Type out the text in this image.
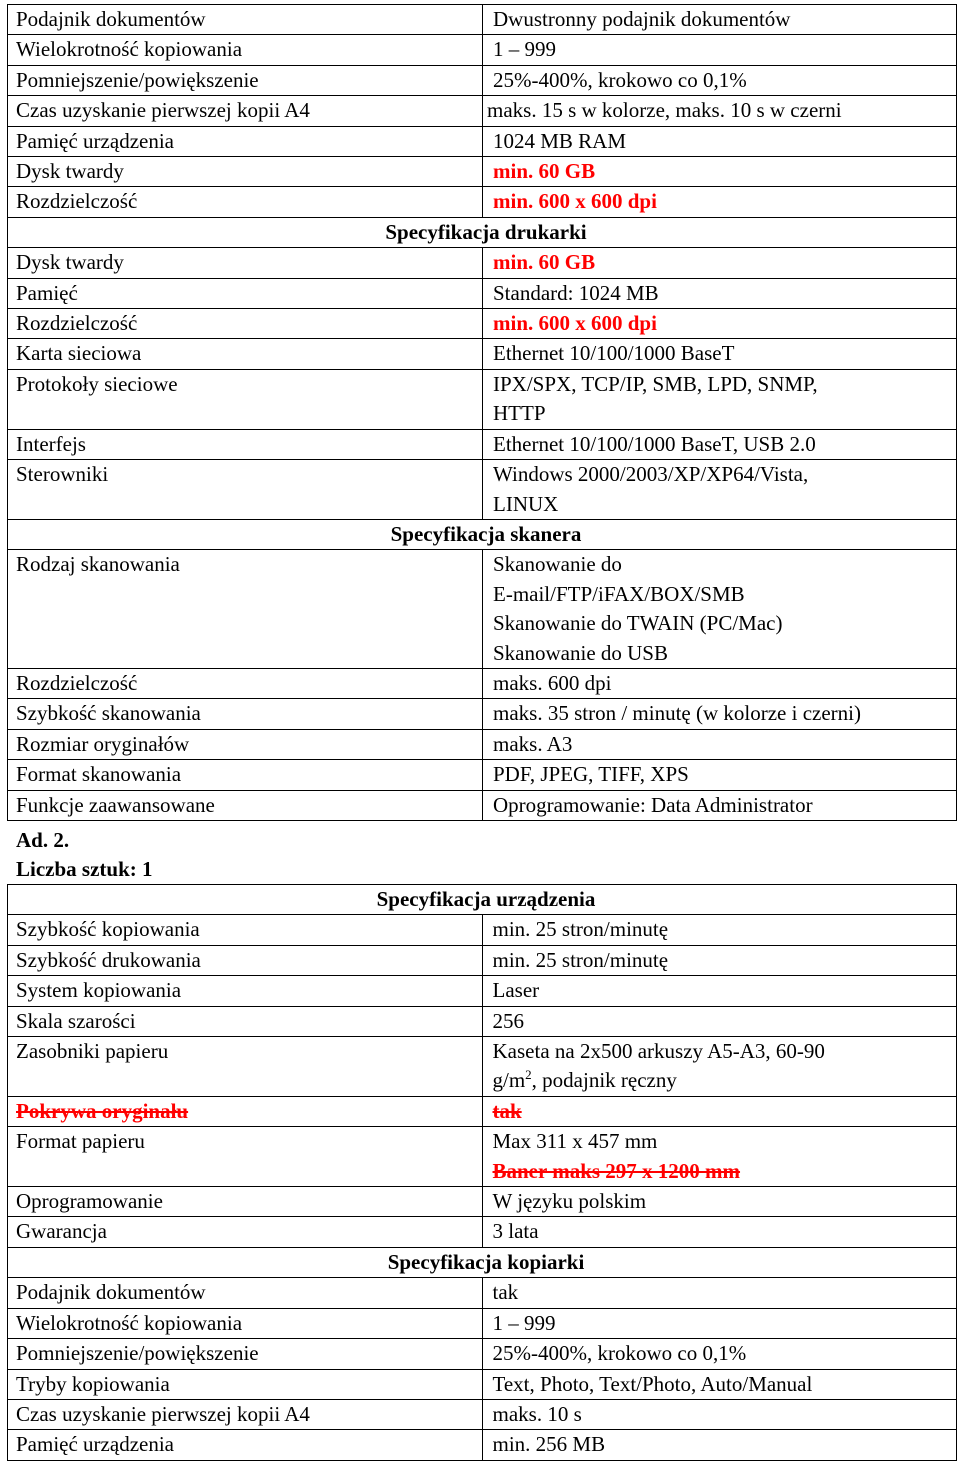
Podajnik dokumentów	Dwustronny podajnik dokumentów
Wielokrotność kopiowania	1 – 999
Pomniejszenie/powiększenie	25%-400%, krokowo co 0,1%
Czas uzyskanie pierwszej kopii A4	maks. 15 s w kolorze, maks. 10 s w czerni
Pamięć urządzenia	1024 MB RAM
Dysk twardy	min. 60 GB
Rozdzielczość	min. 600 x 600 dpi
Specyfikacja drukarki	
Dysk twardy	min. 60 GB
Pamięć	Standard: 1024 MB
Rozdzielczość	min. 600 x 600 dpi
Karta sieciowa	Ethernet 10/100/1000 BaseT
Protokoły sieciowe	IPX/SPX, TCP/IP, SMB, LPD, SNMP,
HTTP

Interfejs	Ethernet 10/100/1000 BaseT, USB 2.0
Sterowniki	Windows 2000/2003/XP/XP64/Vista,
LINUX

Specyfikacja skanera	
Rodzaj skanowania	Skanowanie do
E-mail/FTP/iFAX/BOX/SMB
Skanowanie do TWAIN (PC/Mac)
Skanowanie do USB

Rozdzielczość	maks. 600 dpi
Szybkość skanowania	maks. 35 stron / minutę (w kolorze i czerni)
Rozmiar oryginałów	maks. A3
Format skanowania	PDF, JPEG, TIFF, XPS
Funkcje zaawansowane	Oprogramowanie: Data Administrator
Ad. 2.
Liczba sztuk: 1
Specyfikacja urządzenia	
Szybkość kopiowania	min. 25 stron/minutę
Szybkość drukowania	min. 25 stron/minutę
System kopiowania	Laser
Skala szarości	256
Zasobniki papieru	Kaseta na 2x500 arkuszy A5-A3, 60-90
$g/m^2$, podajnik ręczny

Pokrywa oryginału	tak
Format papieru	Max 311 x 457 mm
Baner maks 297 x 1200 mm

Oprogramowanie	W języku polskim
Gwarancja	3 lata
Specyfikacja kopiarki	
Podajnik dokumentów	tak
Wielokrotność kopiowania	1 – 999
Pomniejszenie/powiększenie	25%-400%, krokowo co 0,1%
Tryby kopiowania	Text, Photo, Text/Photo, Auto/Manual
Czas uzyskanie pierwszej kopii A4	maks. 10 s
Pamięć urządzenia	min. 256 MB
